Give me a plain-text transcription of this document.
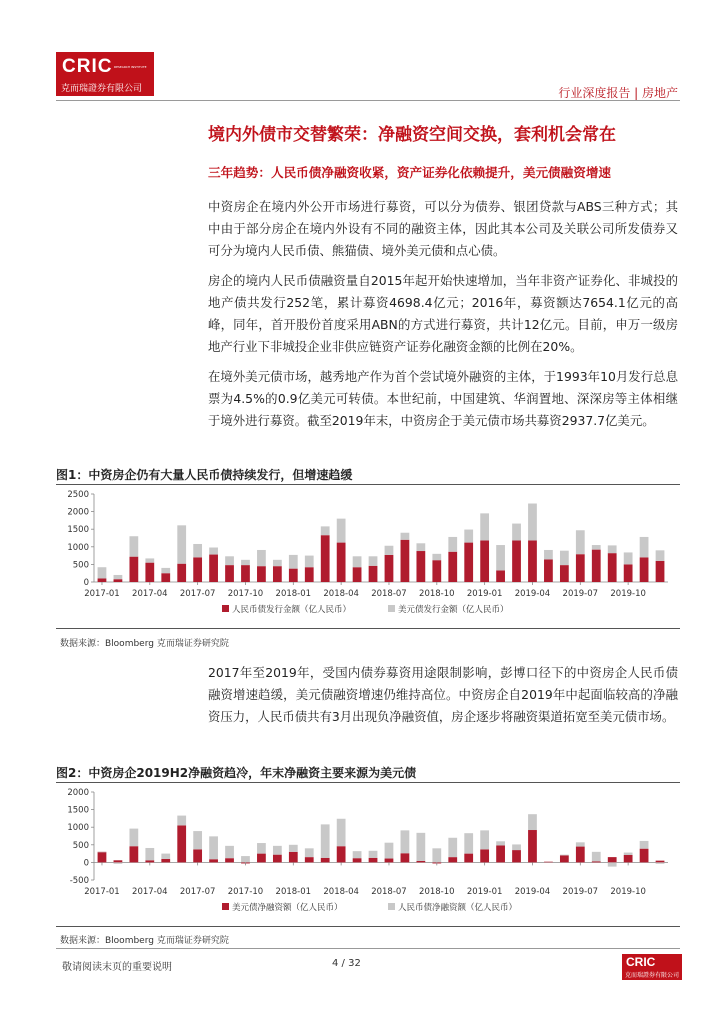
CRIC RESEARCH INSTITUTE
克而瑞證券有限公司	行业深度报告 | 房地产
境内外债市交替繁荣：净融资空间交换，套利机会常在
三年趋势：人民币债净融资收紧，资产证券化依赖提升，美元债融资增速
中资房企在境内外公开市场进行募资，可以分为债券、银团贷款与ABS三种方式；其中由于部分房企在境内外设有不同的融资主体，因此其本公司及关联公司所发债券又可分为境内人民币债、熊猫债、境外美元债和点心债。
房企的境内人民币债融资量自2015年起开始快速增加，当年非资产证券化、非城投的地产债共发行252笔，累计募资4698.4亿元；2016年，募资额达7654.1亿元的高峰，同年，首开股份首度采用ABN的方式进行募资，共计12亿元。目前，申万一级房地产行业下非城投企业非供应链资产证券化融资金额的比例在20%。
在境外美元债市场，越秀地产作为首个尝试境外融资的主体，于1993年10月发行总息票为4.5%的0.9亿美元可转债。本世纪前，中国建筑、华润置地、深深房等主体相继于境外进行募资。截至2019年末，中资房企于美元债市场共募资2937.7亿美元。
图1：中资房企仍有大量人民币债持续发行，但增速趋缓
0
500
1000
1500
2000
2500
2017-01 2017-04 2017-07 2017-10 2018-01 2018-04 2018-07 2018-10 2019-01 2019-04 2019-07 2019-10
人民币债发行金额（亿人民币）	美元债发行金额（亿人民币）
数据来源：Bloomberg 克而瑞证券研究院
2017年至2019年，受国内债券募资用途限制影响，彭博口径下的中资房企人民币债融资增速趋缓，美元债融资增速仍维持高位。中资房企自2019年中起面临较高的净融资压力，人民币债共有3月出现负净融资值，房企逐步将融资渠道拓宽至美元债市场。
图2：中资房企2019H2净融资趋冷，年末净融资主要来源为美元债
-500
0
500
1000
1500
2000
2017-01 2017-04 2017-07 2017-10 2018-01 2018-04 2018-07 2018-10 2019-01 2019-04 2019-07 2019-10
美元债净融资额（亿人民币）	人民币债净融资额（亿人民币）
数据来源：Bloomberg 克而瑞证券研究院
敬请阅读末页的重要说明	4 / 32	CRIC
克而瑞證券有限公司
